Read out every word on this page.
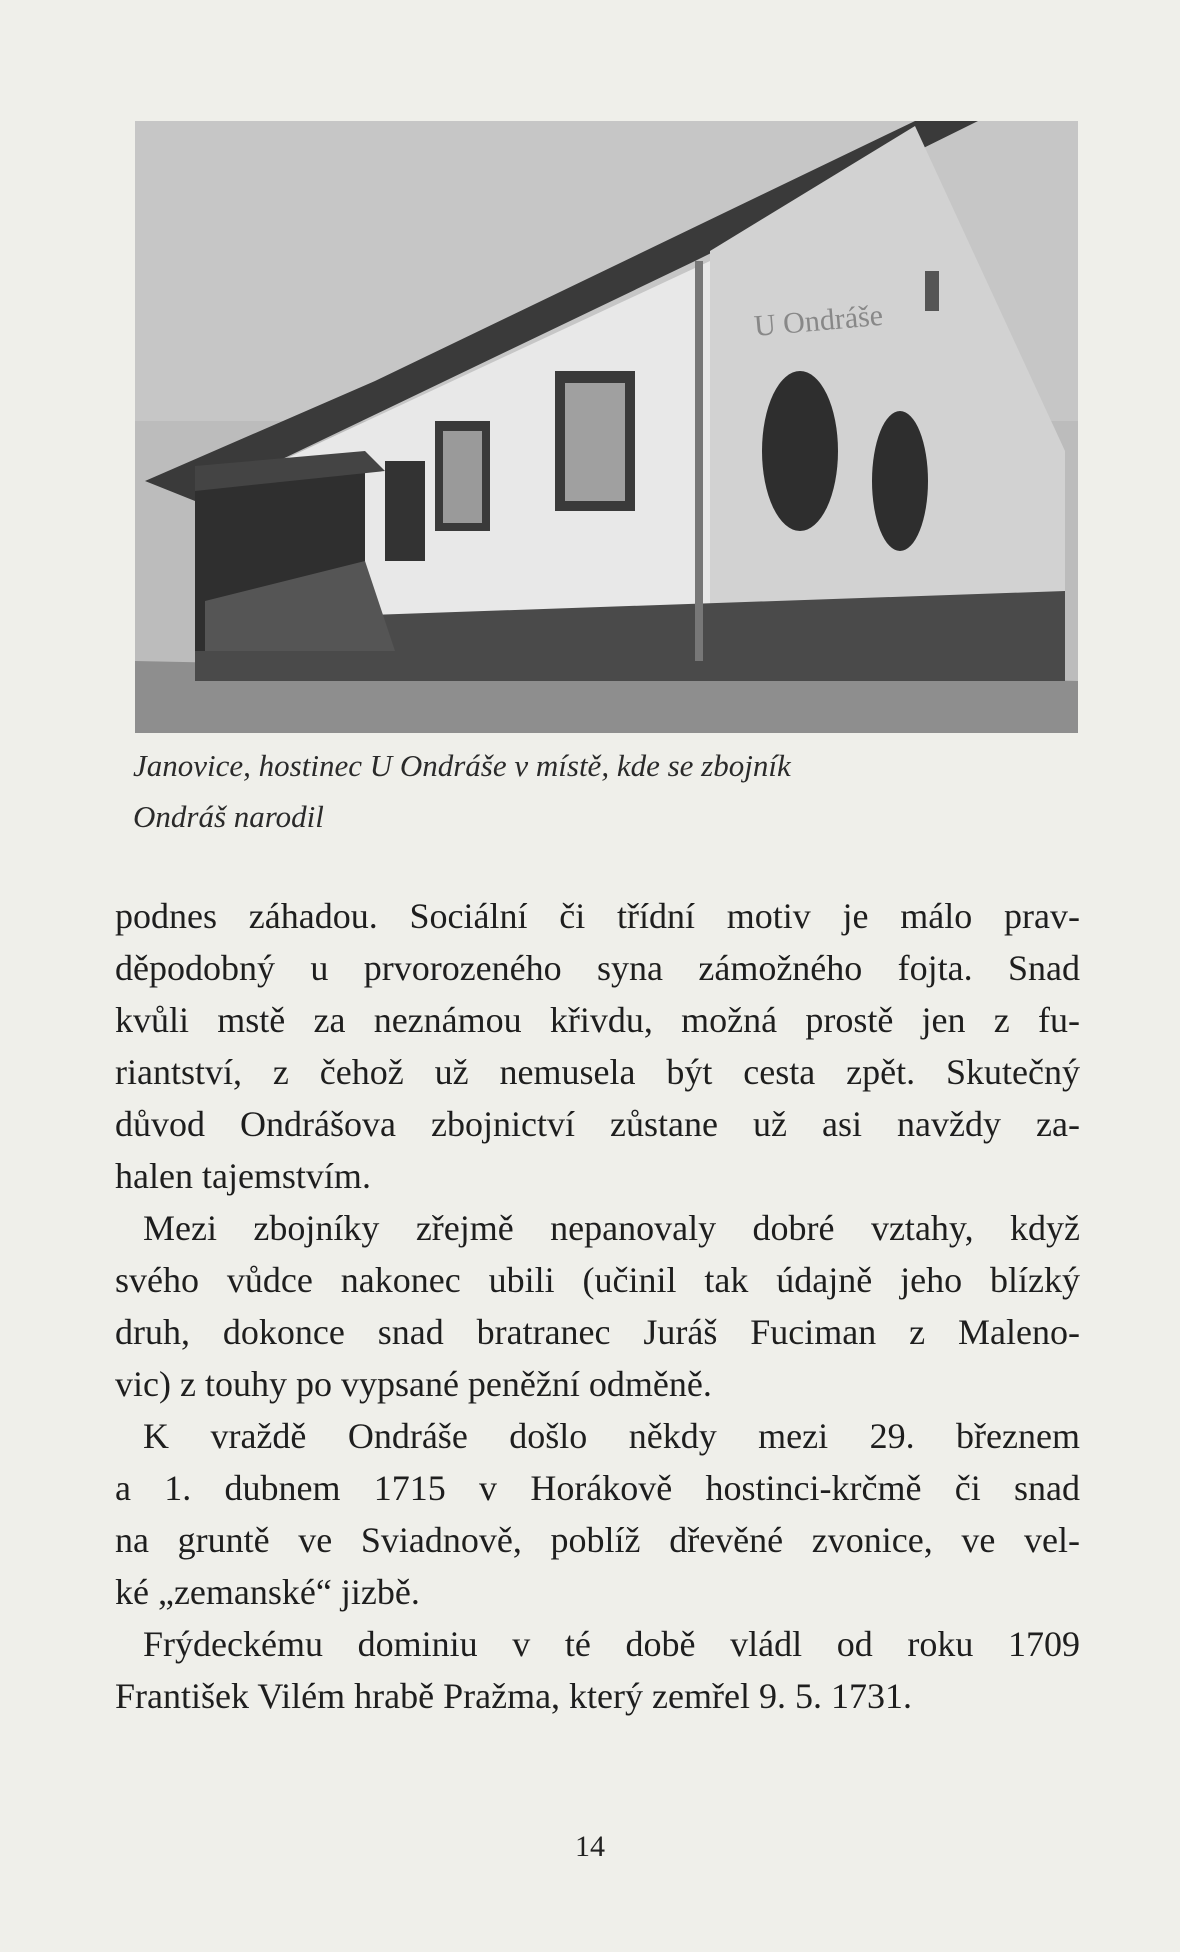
U Ondráše
Janovice, hostinec U Ondráše v místě, kde se zbojník
Ondráš narodil
podnes záhadou. Sociální či třídní motiv je málo prav-
děpodobný u prvorozeného syna zámožného fojta. Snad
kvůli mstě za neznámou křivdu, možná prostě jen z fu-
riantství, z čehož už nemusela být cesta zpět. Skutečný
důvod Ondrášova zbojnictví zůstane už asi navždy za-
halen tajemstvím.
Mezi zbojníky zřejmě nepanovaly dobré vztahy, když
svého vůdce nakonec ubili (učinil tak údajně jeho blízký
druh, dokonce snad bratranec Juráš Fuciman z Maleno-
vic) z touhy po vypsané peněžní odměně.
K vraždě Ondráše došlo někdy mezi 29. březnem
a 1. dubnem 1715 v Horákově hostinci-krčmě či snad
na gruntě ve Sviadnově, poblíž dřevěné zvonice, ve vel-
ké „zemanské“ jizbě.
Frýdeckému dominiu v té době vládl od roku 1709
František Vilém hrabě Pražma, který zemřel 9. 5. 1731.
14
